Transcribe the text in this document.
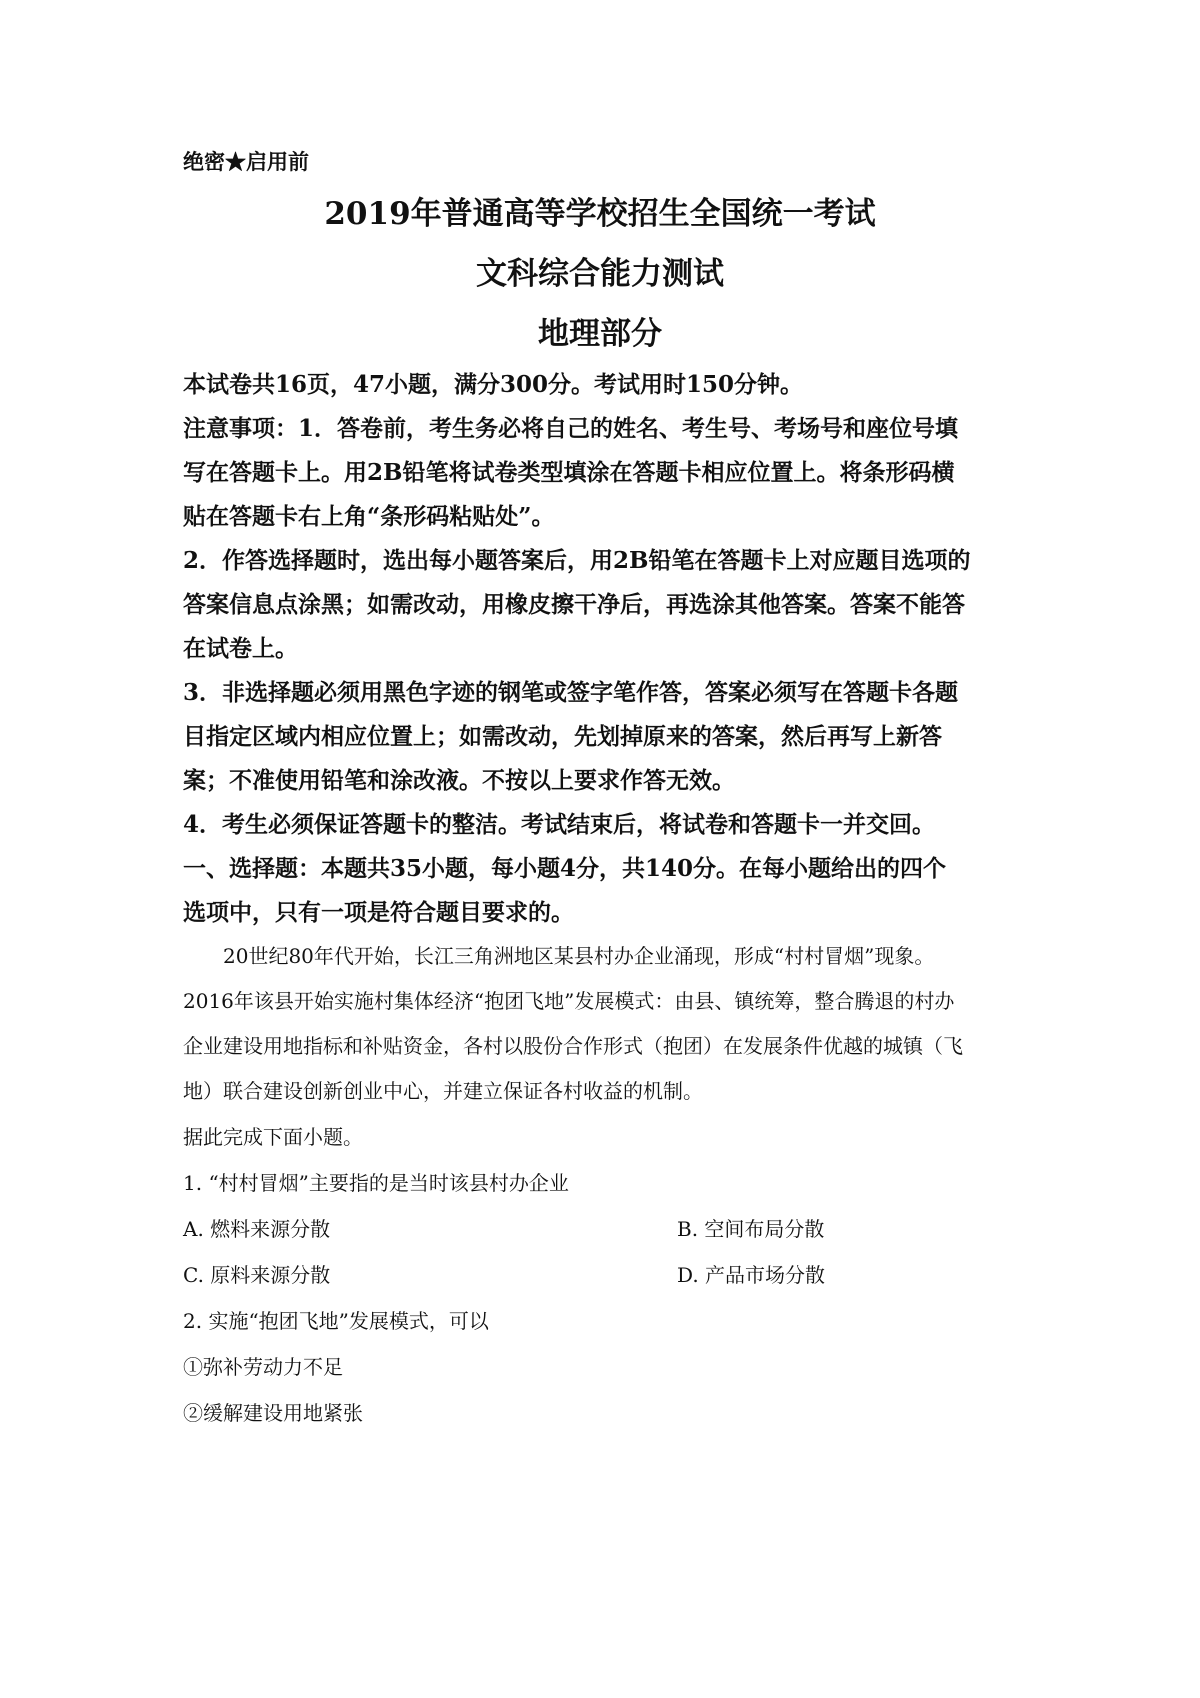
绝密★启用前
2019年普通高等学校招生全国统一考试
文科综合能力测试
地理部分
本试卷共16页，47小题，满分300分。考试用时150分钟。
注意事项：1．答卷前，考生务必将自己的姓名、考生号、考场号和座位号填
写在答题卡上。用2B铅笔将试卷类型填涂在答题卡相应位置上。将条形码横
贴在答题卡右上角“条形码粘贴处”。
2．作答选择题时，选出每小题答案后，用2B铅笔在答题卡上对应题目选项的
答案信息点涂黑；如需改动，用橡皮擦干净后，再选涂其他答案。答案不能答
在试卷上。
3．非选择题必须用黑色字迹的钢笔或签字笔作答，答案必须写在答题卡各题
目指定区域内相应位置上；如需改动，先划掉原来的答案，然后再写上新答
案；不准使用铅笔和涂改液。不按以上要求作答无效。
4．考生必须保证答题卡的整洁。考试结束后，将试卷和答题卡一并交回。
一、选择题：本题共35小题，每小题4分，共140分。在每小题给出的四个
选项中，只有一项是符合题目要求的。
20世纪80年代开始，长江三角洲地区某县村办企业涌现，形成“村村冒烟”现象。
2016年该县开始实施村集体经济“抱团飞地”发展模式：由县、镇统筹，整合腾退的村办
企业建设用地指标和补贴资金，各村以股份合作形式（抱团）在发展条件优越的城镇（飞
地）联合建设创新创业中心，并建立保证各村收益的机制。
据此完成下面小题。
1. “村村冒烟”主要指的是当时该县村办企业
A. 燃料来源分散	B. 空间布局分散
C. 原料来源分散	D. 产品市场分散
2. 实施“抱团飞地”发展模式，可以
①弥补劳动力不足
②缓解建设用地紧张
